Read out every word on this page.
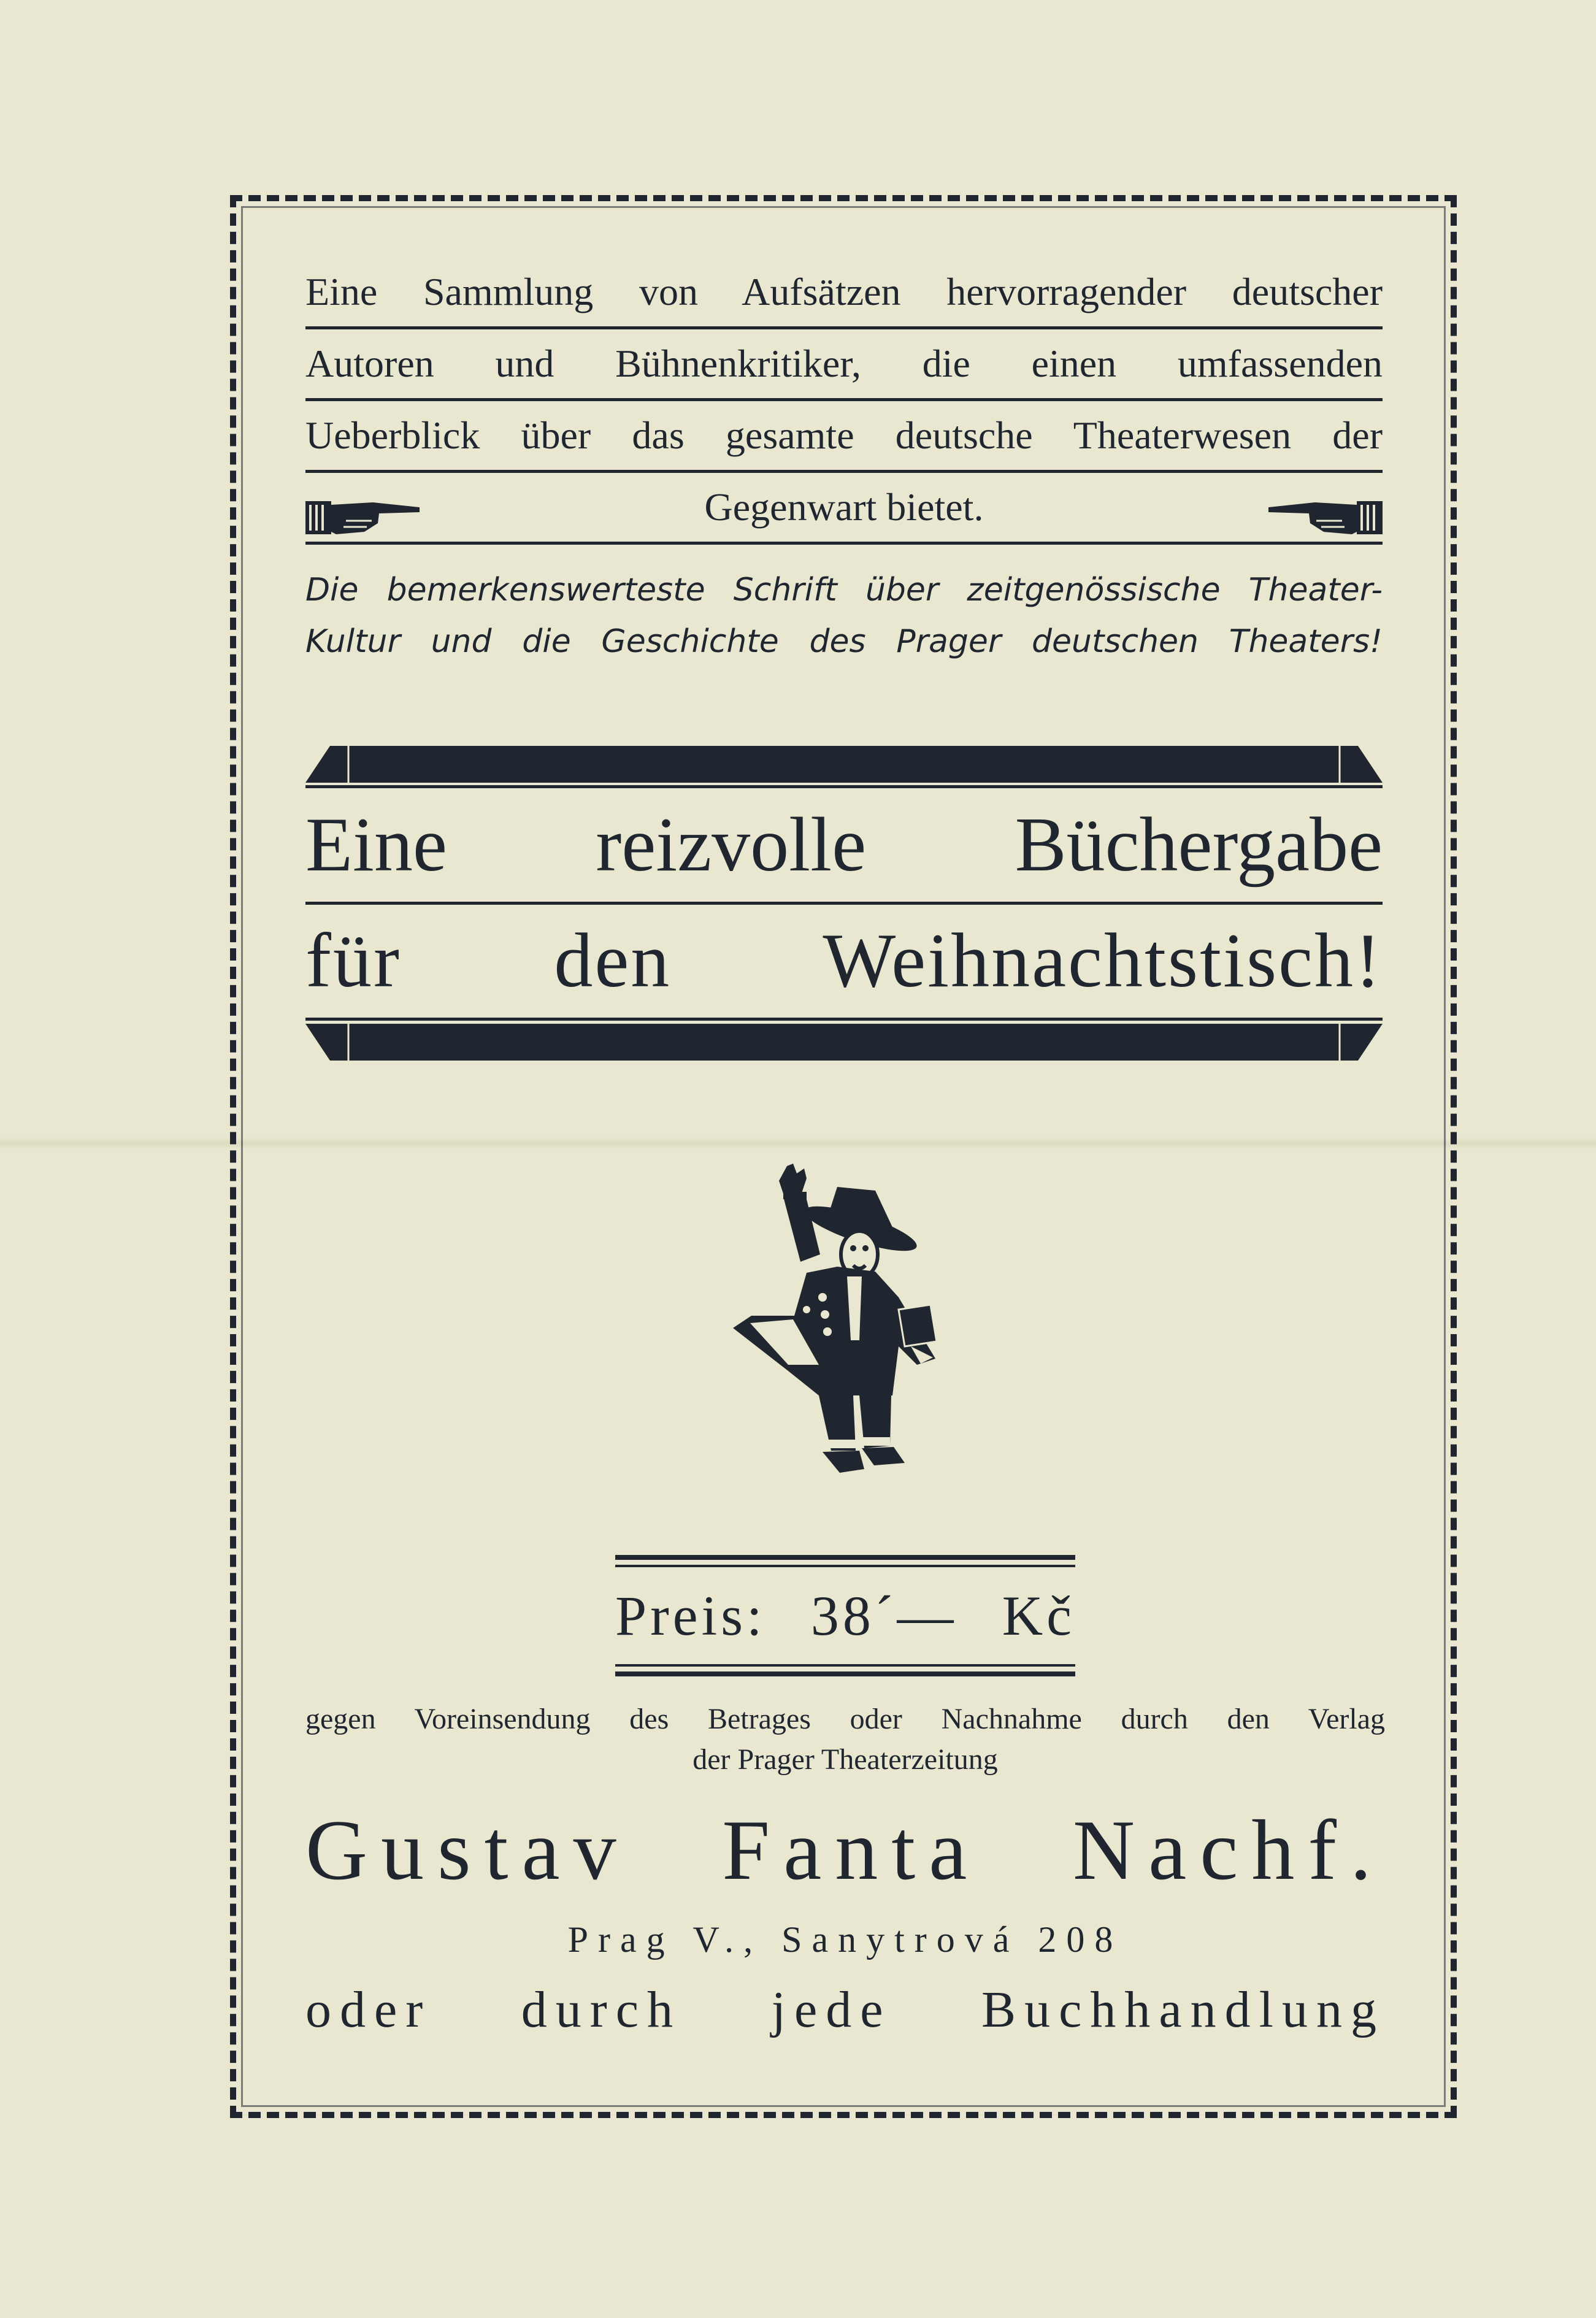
Eine Sammlung von Aufsätzen hervorragender deutscher
Autoren und Bühnenkritiker, die einen umfassenden
Ueberblick über das gesamte deutsche Theaterwesen der
Gegenwart bietet.
Die bemerkenswerteste Schrift über zeitgenössische Theater-
Kultur und die Geschichte des Prager deutschen Theaters!
Eine reizvolle Büchergabe
für den Weihnachtstisch!
Preis: 38´— Kč
gegen Voreinsendung des Betrages oder Nachnahme durch den Verlag
der Prager Theaterzeitung
Gustav Fanta Nachf.
Prag V., Sanytrová 208
oder durch jede Buchhandlung
